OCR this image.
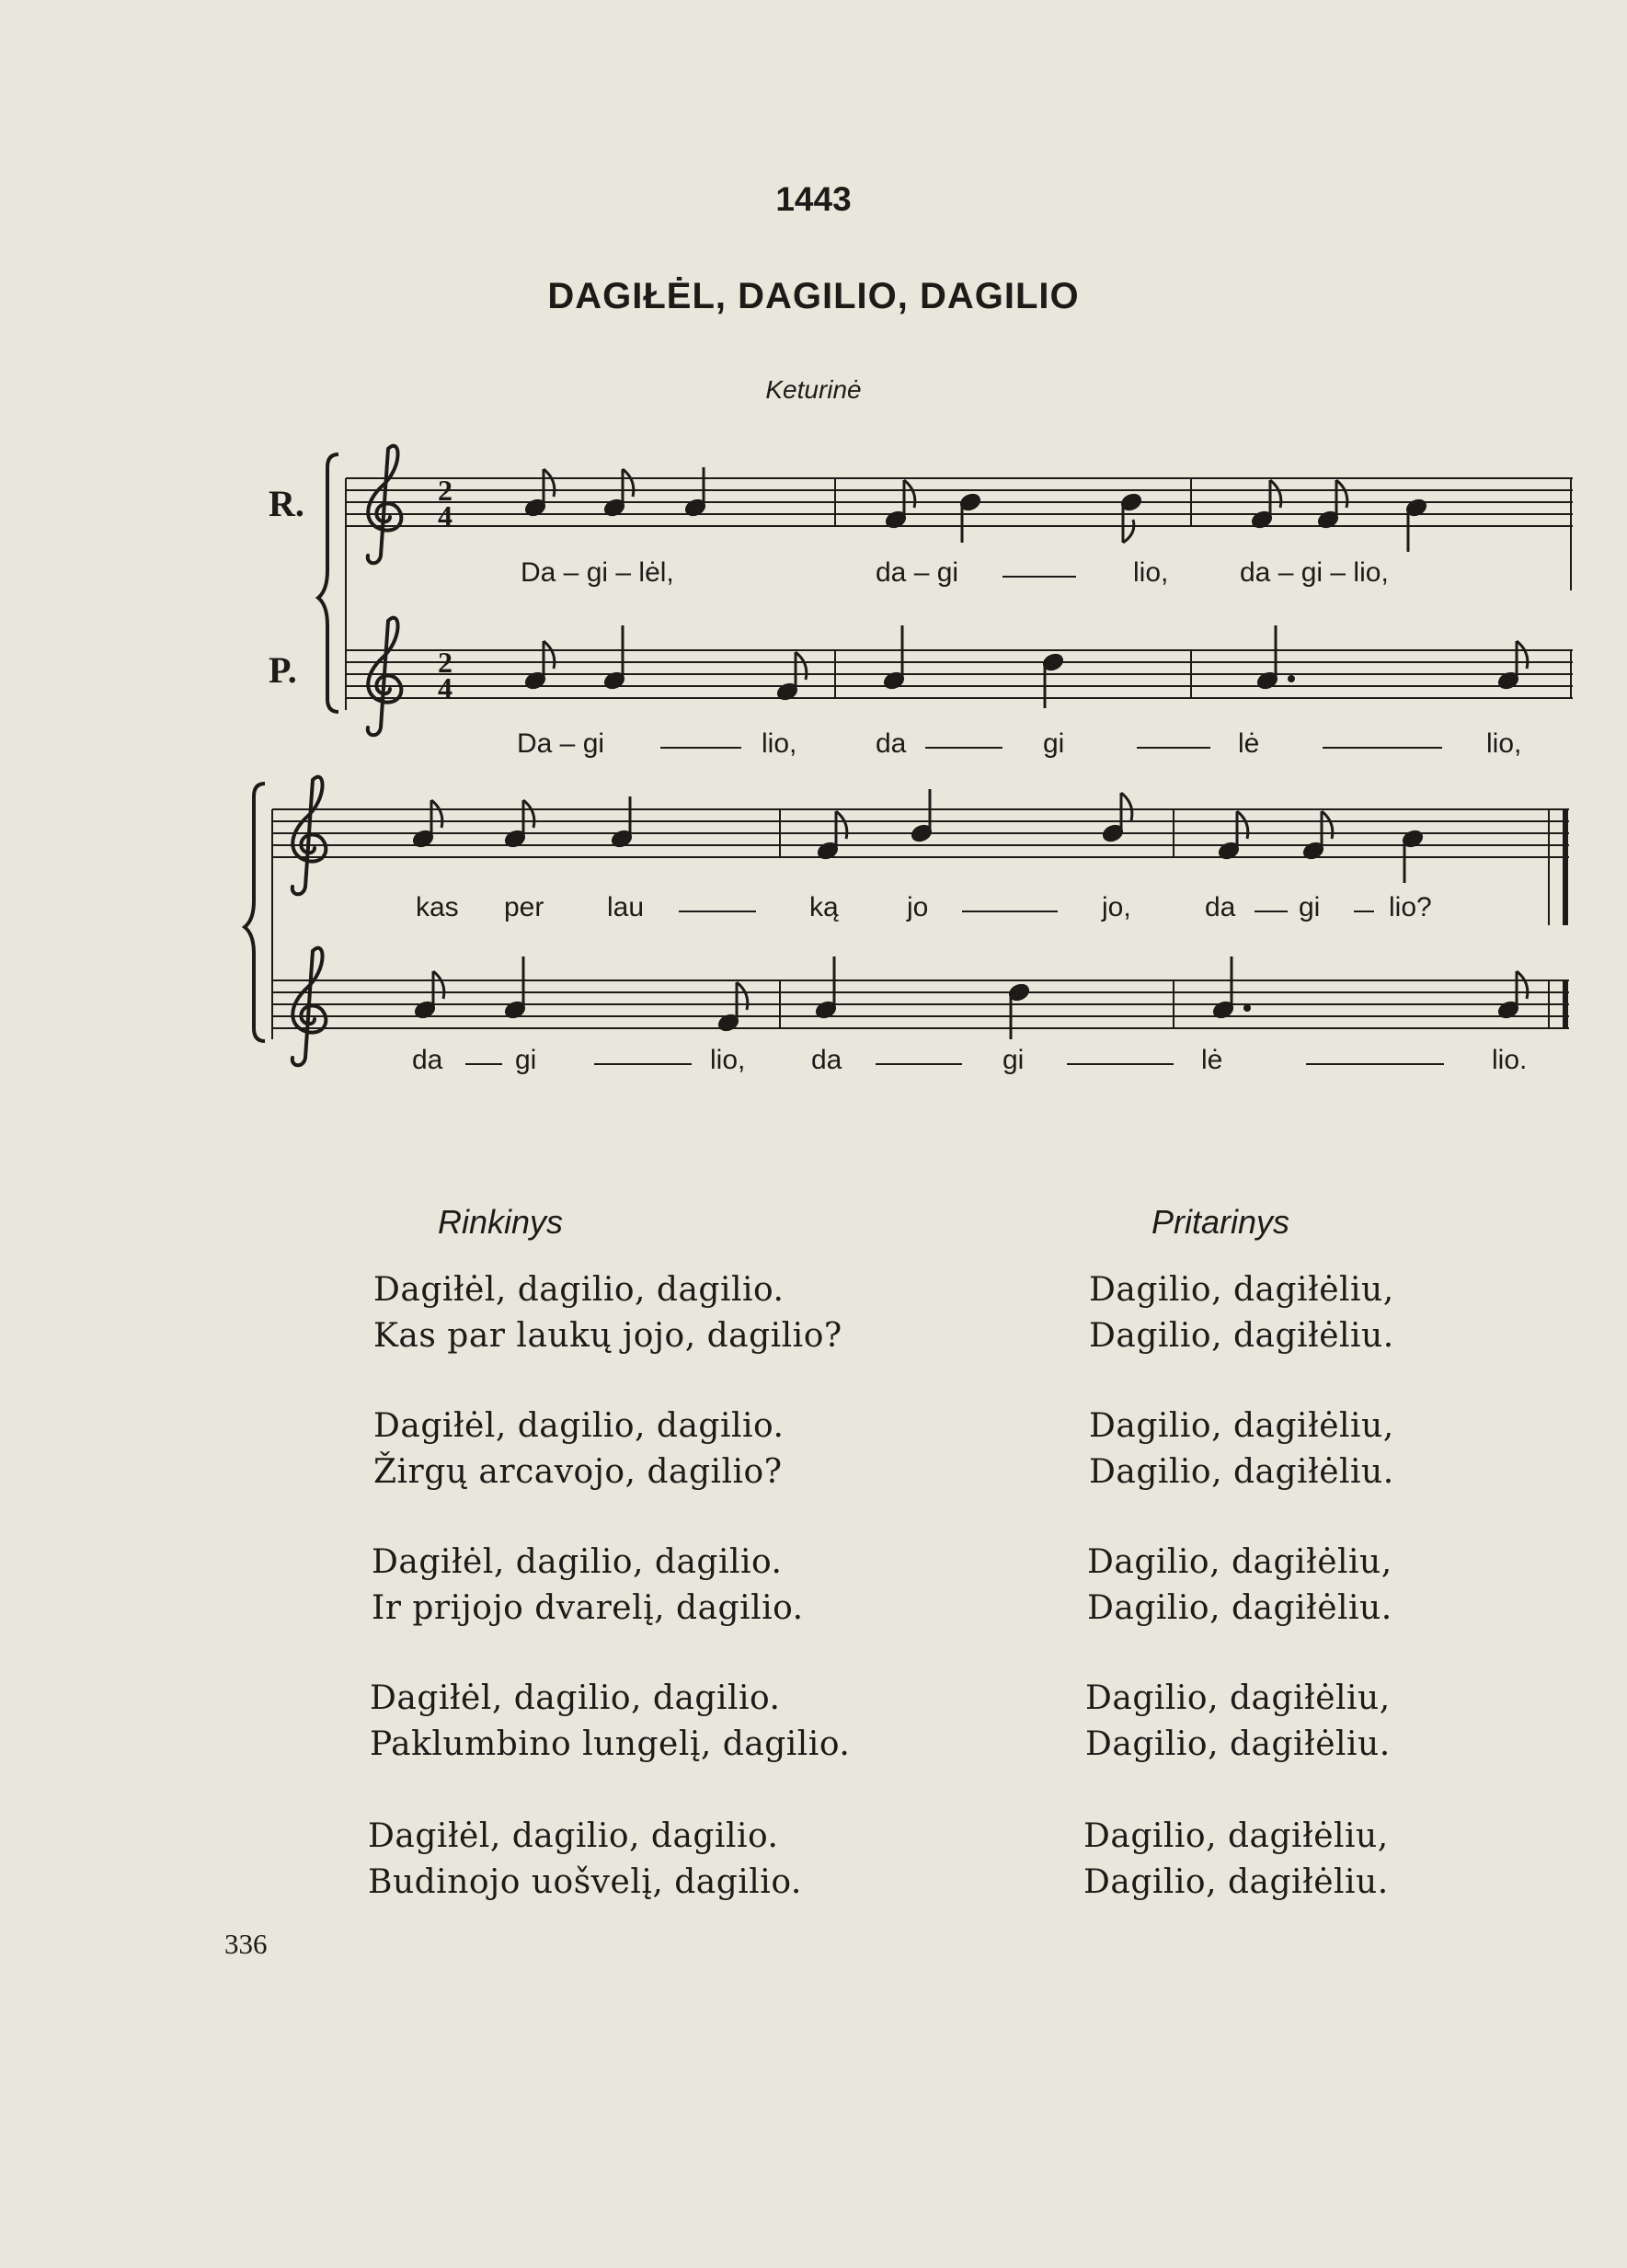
1443
DAGIŁĖL, DAGILIO, DAGILIO
Keturinė
R.
P.
2
4
2
4
Da – gi – lėl,	da – gi	lio,	da – gi – lio,
Da – gi	lio,	da	gi	lė	lio,
kas per lau	ką jo	jo,	da gi lio?
da	gi	lio, da	gi	lė	lio.
Rinkinys	Pritarinys
Dagiłėl, dagilio, dagilio.
Kas par laukų jojo, dagilio?
Dagilio, dagiłėliu,
Dagilio, dagiłėliu.
Dagiłėl, dagilio, dagilio.
Žirgų arcavojo, dagilio?
Dagilio, dagiłėliu,
Dagilio, dagiłėliu.
Dagiłėl, dagilio, dagilio.
Ir prijojo dvarelį, dagilio.
Dagilio, dagiłėliu,
Dagilio, dagiłėliu.
Dagiłėl, dagilio, dagilio.
Paklumbino lungelį, dagilio.
Dagilio, dagiłėliu,
Dagilio, dagiłėliu.
Dagiłėl, dagilio, dagilio.
Budinojo uošvelį, dagilio.
Dagilio, dagiłėliu,
Dagilio, dagiłėliu.
336
